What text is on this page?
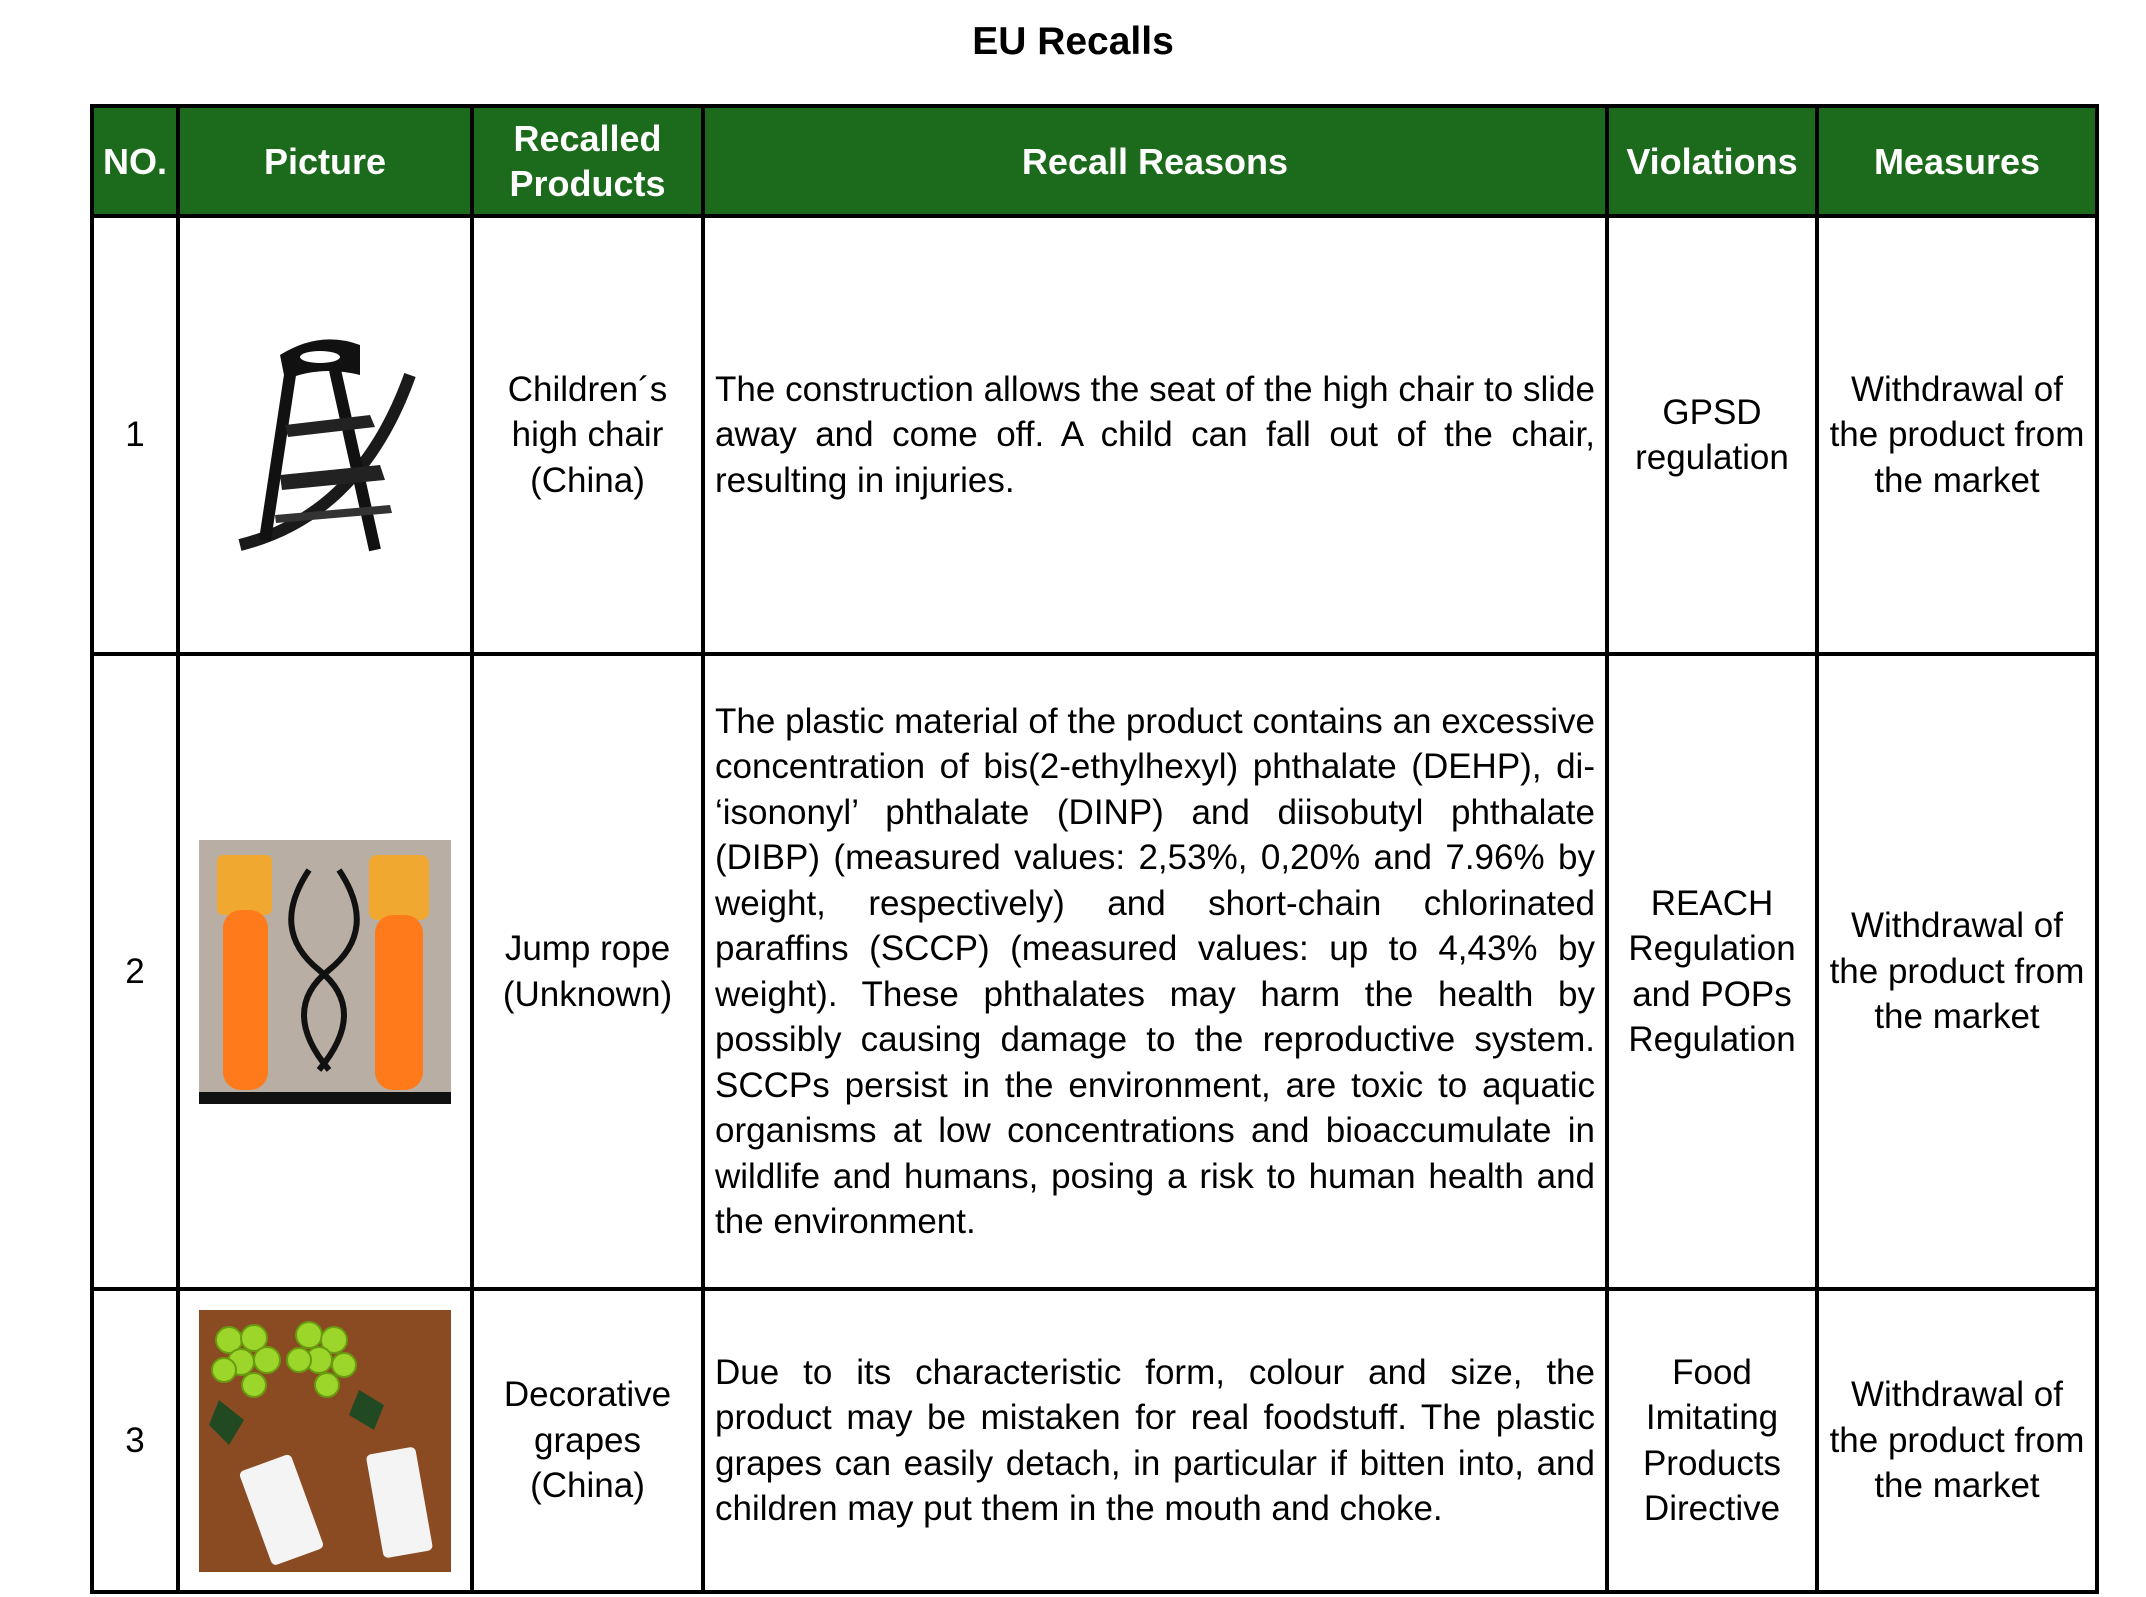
EU Recalls
NO.	Picture	Recalled Products	Recall Reasons	Violations	Measures
1		Children´s high chair (China)	The construction allows the seat of the high chair to slide away and come off. A child can fall out of the chair, resulting in injuries.	GPSD regulation	Withdrawal of the product from the market
2		Jump rope (Unknown)	The plastic material of the product contains an excessive concentration of bis(2-ethylhexyl) phthalate (DEHP), di- ‘isononyl’ phthalate (DINP) and diisobutyl phthalate (DIBP) (measured values: 2,53%, 0,20% and 7.96% by weight, respectively) and short-chain chlorinated paraffins (SCCP) (measured values: up to 4,43% by weight). These phthalates may harm the health by possibly causing damage to the reproductive system. SCCPs persist in the environment, are toxic to aquatic organisms at low concentrations and bioaccumulate in wildlife and humans, posing a risk to human health and the environment.	REACH Regulation and POPs Regulation	Withdrawal of the product from the market
3		Decorative grapes (China)	Due to its characteristic form, colour and size, the product may be mistaken for real foodstuff. The plastic grapes can easily detach, in particular if bitten into, and children may put them in the mouth and choke.	Food Imitating Products Directive	Withdrawal of the product from the market
